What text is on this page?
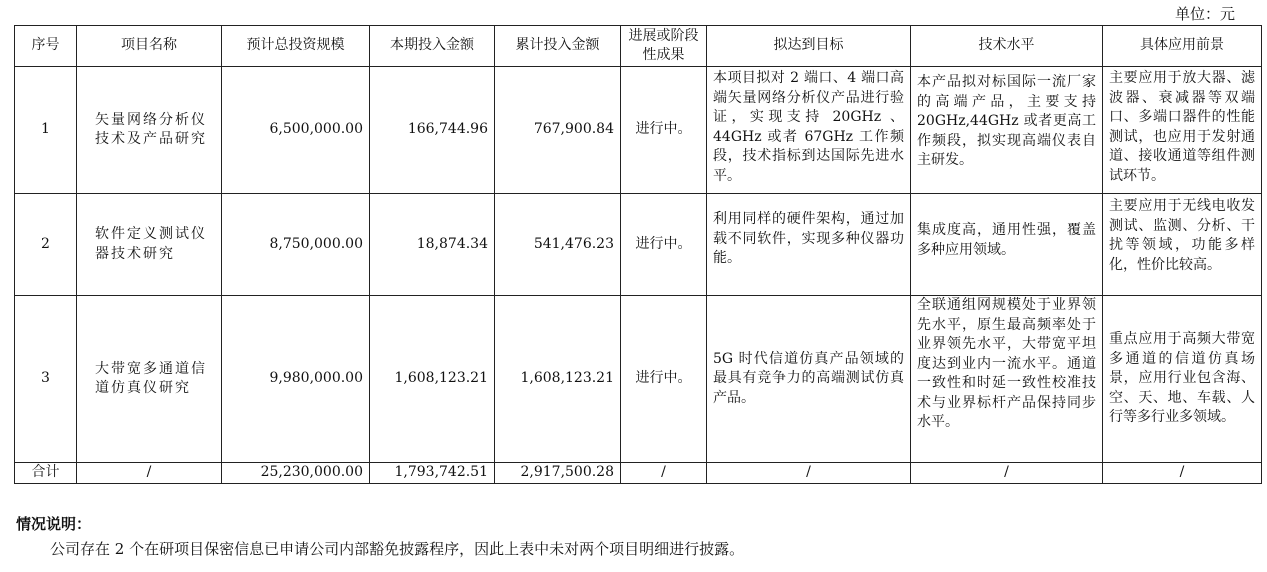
单位：元
序号	项目名称	预计总投资规模	本期投入金额	累计投入金额	进展或阶段性成果	拟达到目标	技术水平	具体应用前景
1	矢量网络分析仪技术及产品研究	6,500,000.00	166,744.96	767,900.84	进行中。	本项目拟对 2 端口、4 端口高端矢量网络分析仪产品进行验证，实现支持 20GHz 、 44GHz 或者 67GHz 工作频段，技术指标到达国际先进水平。	本产品拟对标国际一流厂家的高端产品，主要支持 20GHz,44GHz 或者更高工作频段，拟实现高端仪表自主研发。	主要应用于放大器、滤波器、衰减器等双端口、多端口器件的性能测试，也应用于发射通道、接收通道等组件测试环节。
2	软件定义测试仪器技术研究	8,750,000.00	18,874.34	541,476.23	进行中。	利用同样的硬件架构，通过加载不同软件，实现多种仪器功能。	集成度高，通用性强，覆盖多种应用领域。	主要应用于无线电收发测试、监测、分析、干扰等领域，功能多样化，性价比较高。
3	大带宽多通道信道仿真仪研究	9,980,000.00	1,608,123.21	1,608,123.21	进行中。	5G 时代信道仿真产品领域的最具有竞争力的高端测试仿真产品。	全联通组网规模处于业界领先水平，原生最高频率处于业界领先水平，大带宽平坦度达到业内一流水平。通道一致性和时延一致性校准技术与业界标杆产品保持同步水平。	重点应用于高频大带宽多通道的信道仿真场景，应用行业包含海、空、天、地、车载、人行等多行业多领域。
合计	/	25,230,000.00	1,793,742.51	2,917,500.28	/	/	/	/
情况说明：
公司存在 2 个在研项目保密信息已申请公司内部豁免披露程序，因此上表中未对两个项目明细进行披露。
